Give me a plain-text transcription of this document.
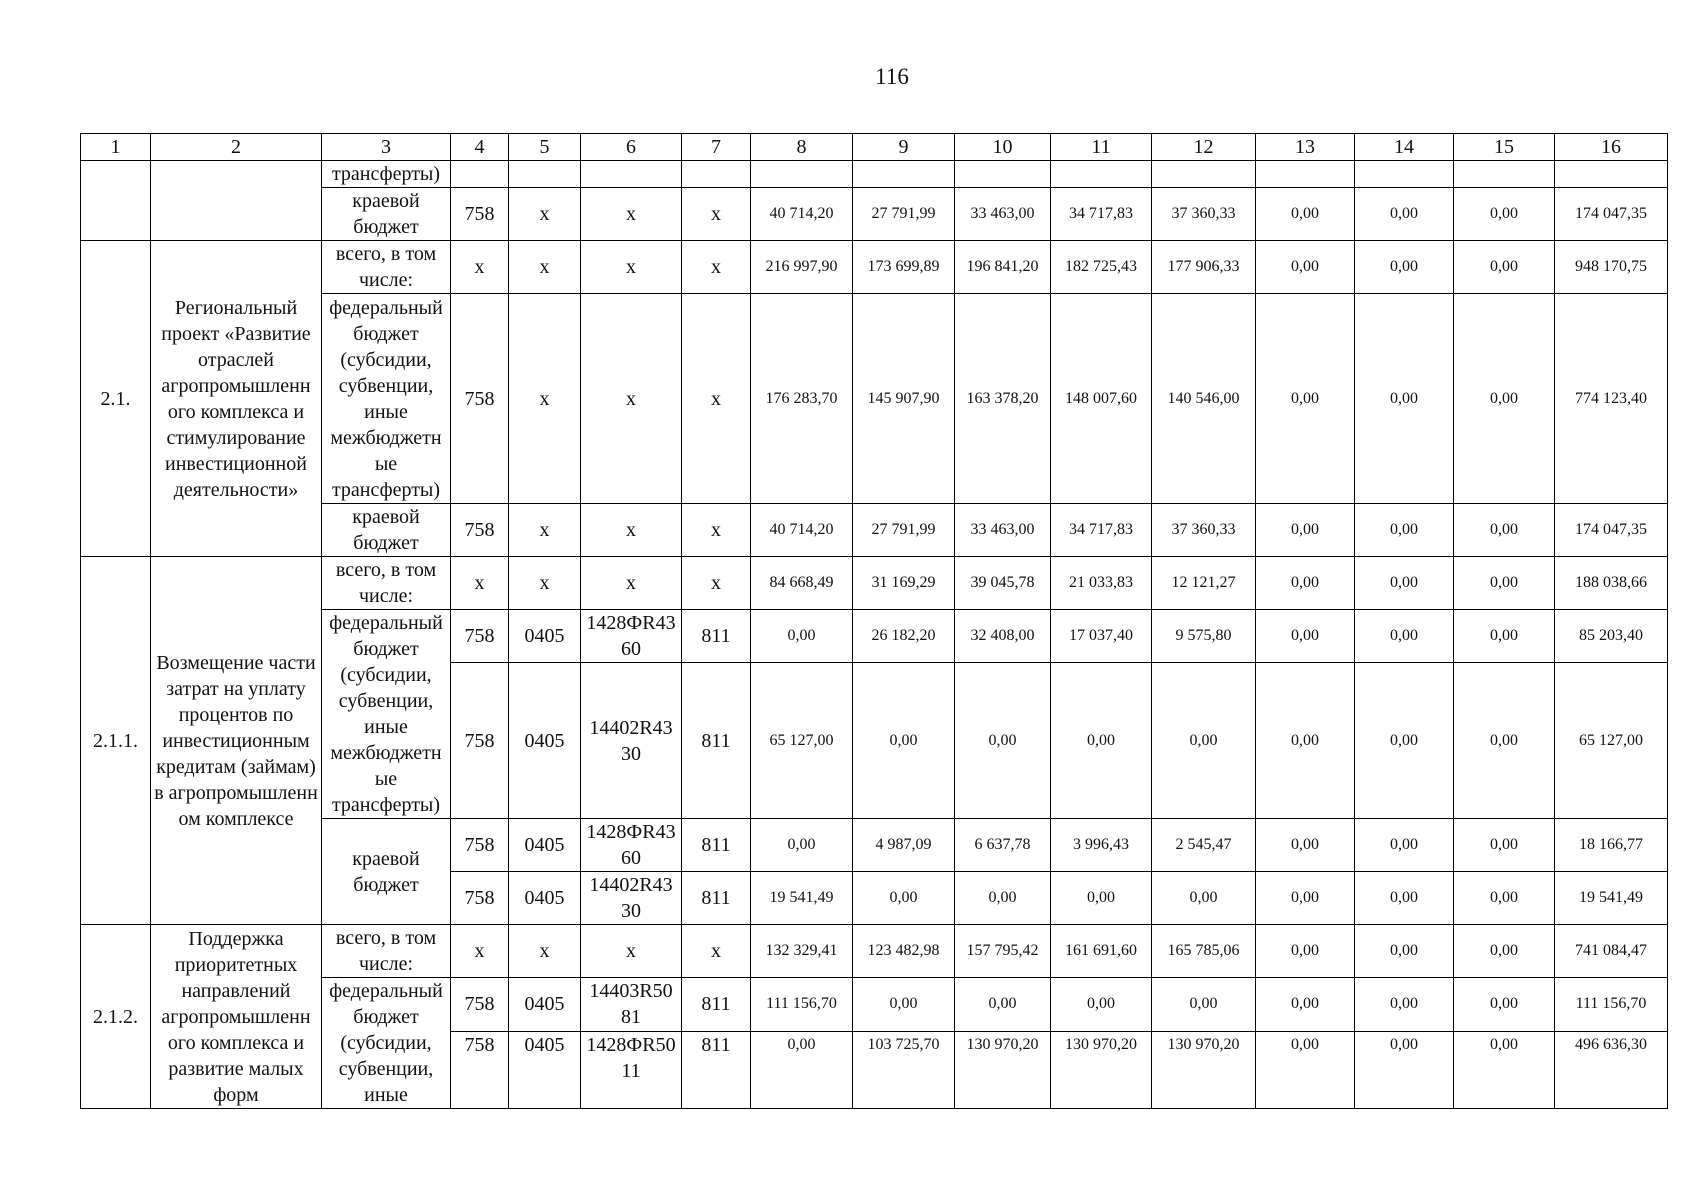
116
1	2	3	4	5	6	7	8	9	10	11	12	13	14	15	16
		трансферты)													
		краевой бюджет	758	x	x	x	40 714,20	27 791,99	33 463,00	34 717,83	37 360,33	0,00	0,00	0,00	174 047,35
2.1.	Региональный проект «Развитие отраслей агропромышленн ого комплекса и стимулирование инвестиционной деятельности»	всего, в том числе:	x	x	x	x	216 997,90	173 699,89	196 841,20	182 725,43	177 906,33	0,00	0,00	0,00	948 170,75
		федеральный бюджет (субсидии, субвенции, иные межбюджетн ые трансферты)	758	x	x	x	176 283,70	145 907,90	163 378,20	148 007,60	140 546,00	0,00	0,00	0,00	774 123,40
		краевой бюджет	758	x	x	x	40 714,20	27 791,99	33 463,00	34 717,83	37 360,33	0,00	0,00	0,00	174 047,35
2.1.1.	Возмещение части затрат на уплату процентов по инвестиционным кредитам (займам) в агропромышленн ом комплексе	всего, в том числе:	x	x	x	x	84 668,49	31 169,29	39 045,78	21 033,83	12 121,27	0,00	0,00	0,00	188 038,66
		федеральный бюджет (субсидии, субвенции, иные межбюджетн ые трансферты)	758	0405	1428ФR43 60	811	0,00	26 182,20	32 408,00	17 037,40	9 575,80	0,00	0,00	0,00	85 203,40
			758	0405	14402R43 30	811	65 127,00	0,00	0,00	0,00	0,00	0,00	0,00	0,00	65 127,00
		краевой бюджет	758	0405	1428ФR43 60	811	0,00	4 987,09	6 637,78	3 996,43	2 545,47	0,00	0,00	0,00	18 166,77
			758	0405	14402R43 30	811	19 541,49	0,00	0,00	0,00	0,00	0,00	0,00	0,00	19 541,49
2.1.2.	Поддержка приоритетных направлений агропромышленн ого комплекса и развитие малых форм	всего, в том числе:	x	x	x	x	132 329,41	123 482,98	157 795,42	161 691,60	165 785,06	0,00	0,00	0,00	741 084,47
		федеральный бюджет (субсидии, субвенции, иные	758	0405	14403R50 81	811	111 156,70	0,00	0,00	0,00	0,00	0,00	0,00	0,00	111 156,70
			758	0405	1428ФR50 11	811	0,00	103 725,70	130 970,20	130 970,20	130 970,20	0,00	0,00	0,00	496 636,30
